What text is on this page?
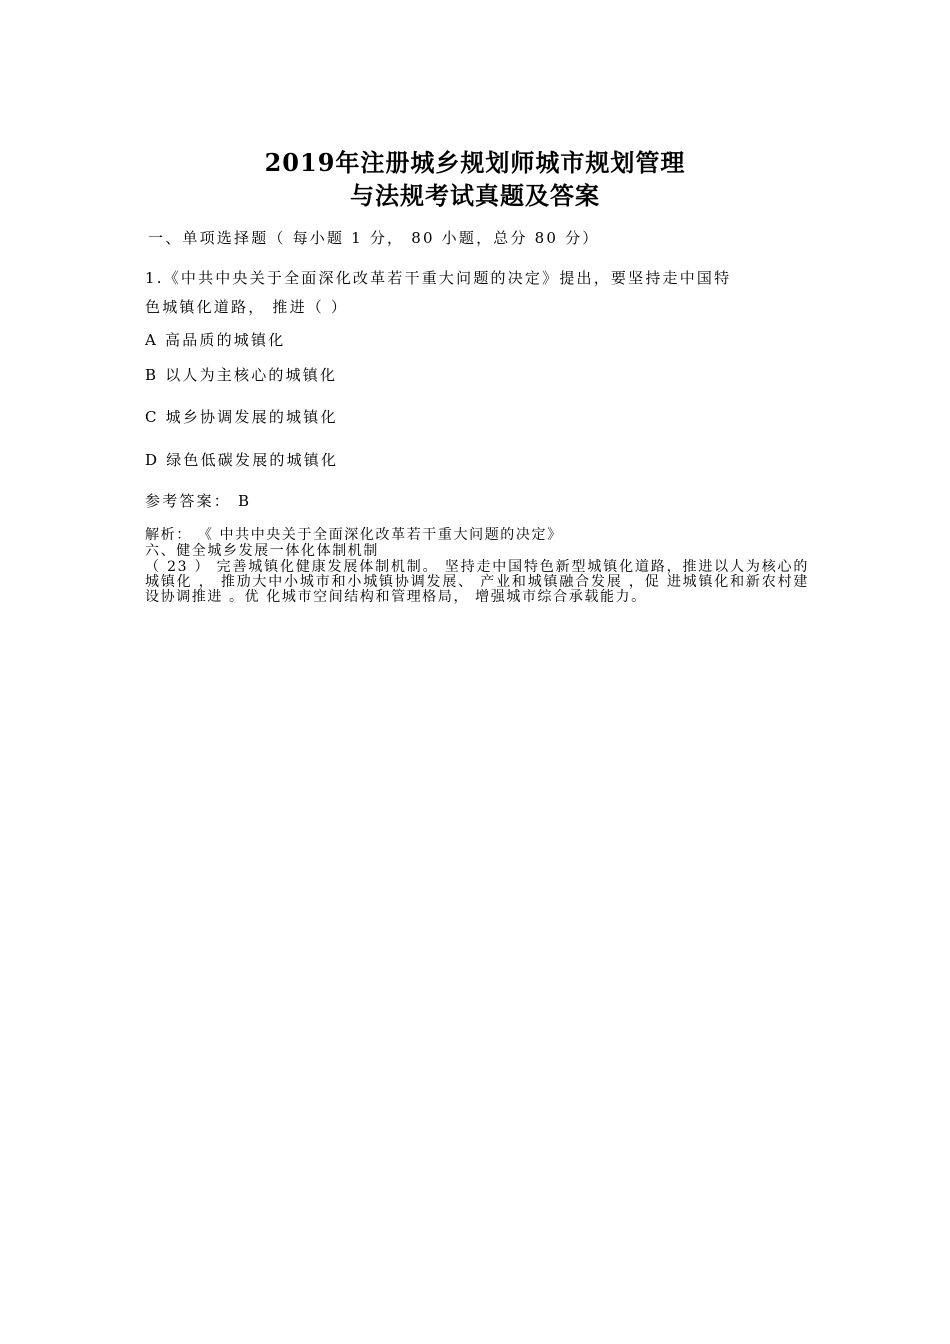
2019年注册城乡规划师城市规划管理
与法规考试真题及答案
一、单项选择题（ 每小题 1 分， 80 小题，总分 80 分）
1.《中共中央关于全面深化改革若干重大问题的决定》提出，要坚持走中国特
色城镇化道路， 推进（ ）
A 高品质的城镇化
B 以人为主核心的城镇化
C 城乡协调发展的城镇化
D 绿色低碳发展的城镇化
参考答案： B
解析： 《 中共中央关于全面深化改革若干重大问题的决定》
六、健全城乡发展一体化体制机制
（ 23 ） 完善城镇化健康发展体制机制。 坚持走中国特色新型城镇化道路，推进以人为核心的城镇化 ， 推劢大中小城市和小城镇协调发展、 产业和城镇融合发展 ，促 进城镇化和新农村建设协调推进 。优 化城市空间结构和管理格局， 增强城市综合承载能力。
